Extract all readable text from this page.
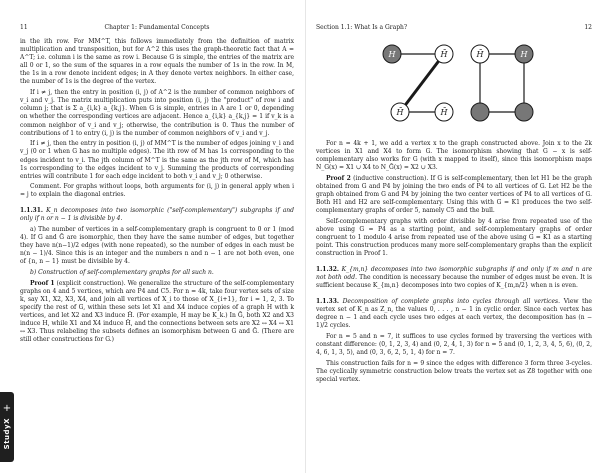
11	Chapter 1: Fundamental Concepts

in the ith row. For MM^T, this follows immediately from the definition of matrix multiplication and transposition, but for A^2 this uses the graph-theoretic fact that A = A^T; i.e. column i is the same as row i. Because G is simple, the entries of the matrix are all 0 or 1, so the sum of the squares in a row equals the number of 1s in the row. In M, the 1s in a row denote incident edges; in A they denote vertex neighbors. In either case, the number of 1s is the degree of the vertex.

If i ≠ j, then the entry in position (i, j) of A^2 is the number of common neighbors of v_i and v_j. The matrix multiplication puts into position (i, j) the "product" of row i and column j; that is Σ a_{i,k} a_{k,j}. When G is simple, entries in A are 1 or 0, depending on whether the corresponding vertices are adjacent. Hence a_{i,k} a_{k,j} = 1 if v_k is a common neighbor of v_i and v_j; otherwise, the contribution is 0. Thus the number of contributions of 1 to entry (i, j) is the number of common neighbors of v_i and v_j.

If i ≠ j, then the entry in position (i, j) of MM^T is the number of edges joining v_i and v_j (0 or 1 when G has no multiple edges). The ith row of M has 1s corresponding to the edges incident to v_i. The jth column of M^T is the same as the jth row of M, which has 1s corresponding to the edges incident to v_j. Summing the products of corresponding entries will contribute 1 for each edge incident to both v_i and v_j; 0 otherwise.

Comment. For graphs without loops, both arguments for (i, j) in general apply when i = j to explain the diagonal entries.

1.1.31. K_n decomposes into two isomorphic ("self-complementary") subgraphs if and only if n or n − 1 is divisible by 4.

a) The number of vertices in a self-complementary graph is congruent to 0 or 1 (mod 4). If G and Ḡ are isomorphic, then they have the same number of edges, but together they have n(n−1)/2 edges (with none repeated), so the number of edges in each must be n(n − 1)/4. Since this is an integer and the numbers n and n − 1 are not both even, one of {n, n − 1} must be divisible by 4.

b) Construction of self-complementary graphs for all such n.

Proof 1 (explicit construction). We generalize the structure of the self-complementary graphs on 4 and 5 vertices, which are P4 and C5. For n = 4k, take four vertex sets of size k, say X1, X2, X3, X4, and join all vertices of X_i to those of X_{i+1}, for i = 1, 2, 3. To specify the rest of G, within these sets let X1 and X4 induce copies of a graph H with k vertices, and let X2 and X3 induce H̄. (For example, H may be K_k.) In Ḡ, both X2 and X3 induce H, while X1 and X4 induce H̄, and the connections between sets are X2 ↔ X4 ↔ X1 ↔ X3. Thus relabeling the subsets defines an isomorphism between G and Ḡ. (There are still other constructions for G.)

+
StudyX
Section 1.1: What Is a Graph?	12
H	H̄	H̄	H
H̄	H̄

For n = 4k + 1, we add a vertex x to the graph constructed above. Join x to the 2k vertices in X1 and X4 to form G. The isomorphism showing that G − x is self-complementary also works for G (with x mapped to itself), since this isomorphism maps N_G(x) = X1 ∪ X4 to N_Ḡ(x) = X2 ∪ X3.

Proof 2 (inductive construction). If G is self-complementary, then let H1 be the graph obtained from G and P4 by joining the two ends of P4 to all vertices of G. Let H2 be the graph obtained from G and P4 by joining the two center vertices of P4 to all vertices of G. Both H1 and H2 are self-complementary. Using this with G = K1 produces the two self-complementary graphs of order 5, namely C5 and the bull.

Self-complementary graphs with order divisible by 4 arise from repeated use of the above using G = P4 as a starting point, and self-complementary graphs of order congruent to 1 modulo 4 arise from repeated use of the above using G = K1 as a starting point. This construction produces many more self-complementary graphs than the explicit construction in Proof 1.

1.1.32. K_{m,n} decomposes into two isomorphic subgraphs if and only if m and n are not both odd. The condition is necessary because the number of edges must be even. It is sufficient because K_{m,n} decomposes into two copies of K_{m,n/2} when n is even.

1.1.33. Decomposition of complete graphs into cycles through all vertices. View the vertex set of K_n as Z_n, the values 0, . . . , n − 1 in cyclic order. Since each vertex has degree n − 1 and each cycle uses two edges at each vertex, the decomposition has (n − 1)/2 cycles.

For n = 5 and n = 7, it suffices to use cycles formed by traversing the vertices with constant difference: (0, 1, 2, 3, 4) and (0, 2, 4, 1, 3) for n = 5 and (0, 1, 2, 3, 4, 5, 6), (0, 2, 4, 6, 1, 3, 5), and (0, 3, 6, 2, 5, 1, 4) for n = 7.

This construction fails for n = 9 since the edges with difference 3 form three 3-cycles. The cyclically symmetric construction below treats the vertex set as Z8 together with one special vertex.
